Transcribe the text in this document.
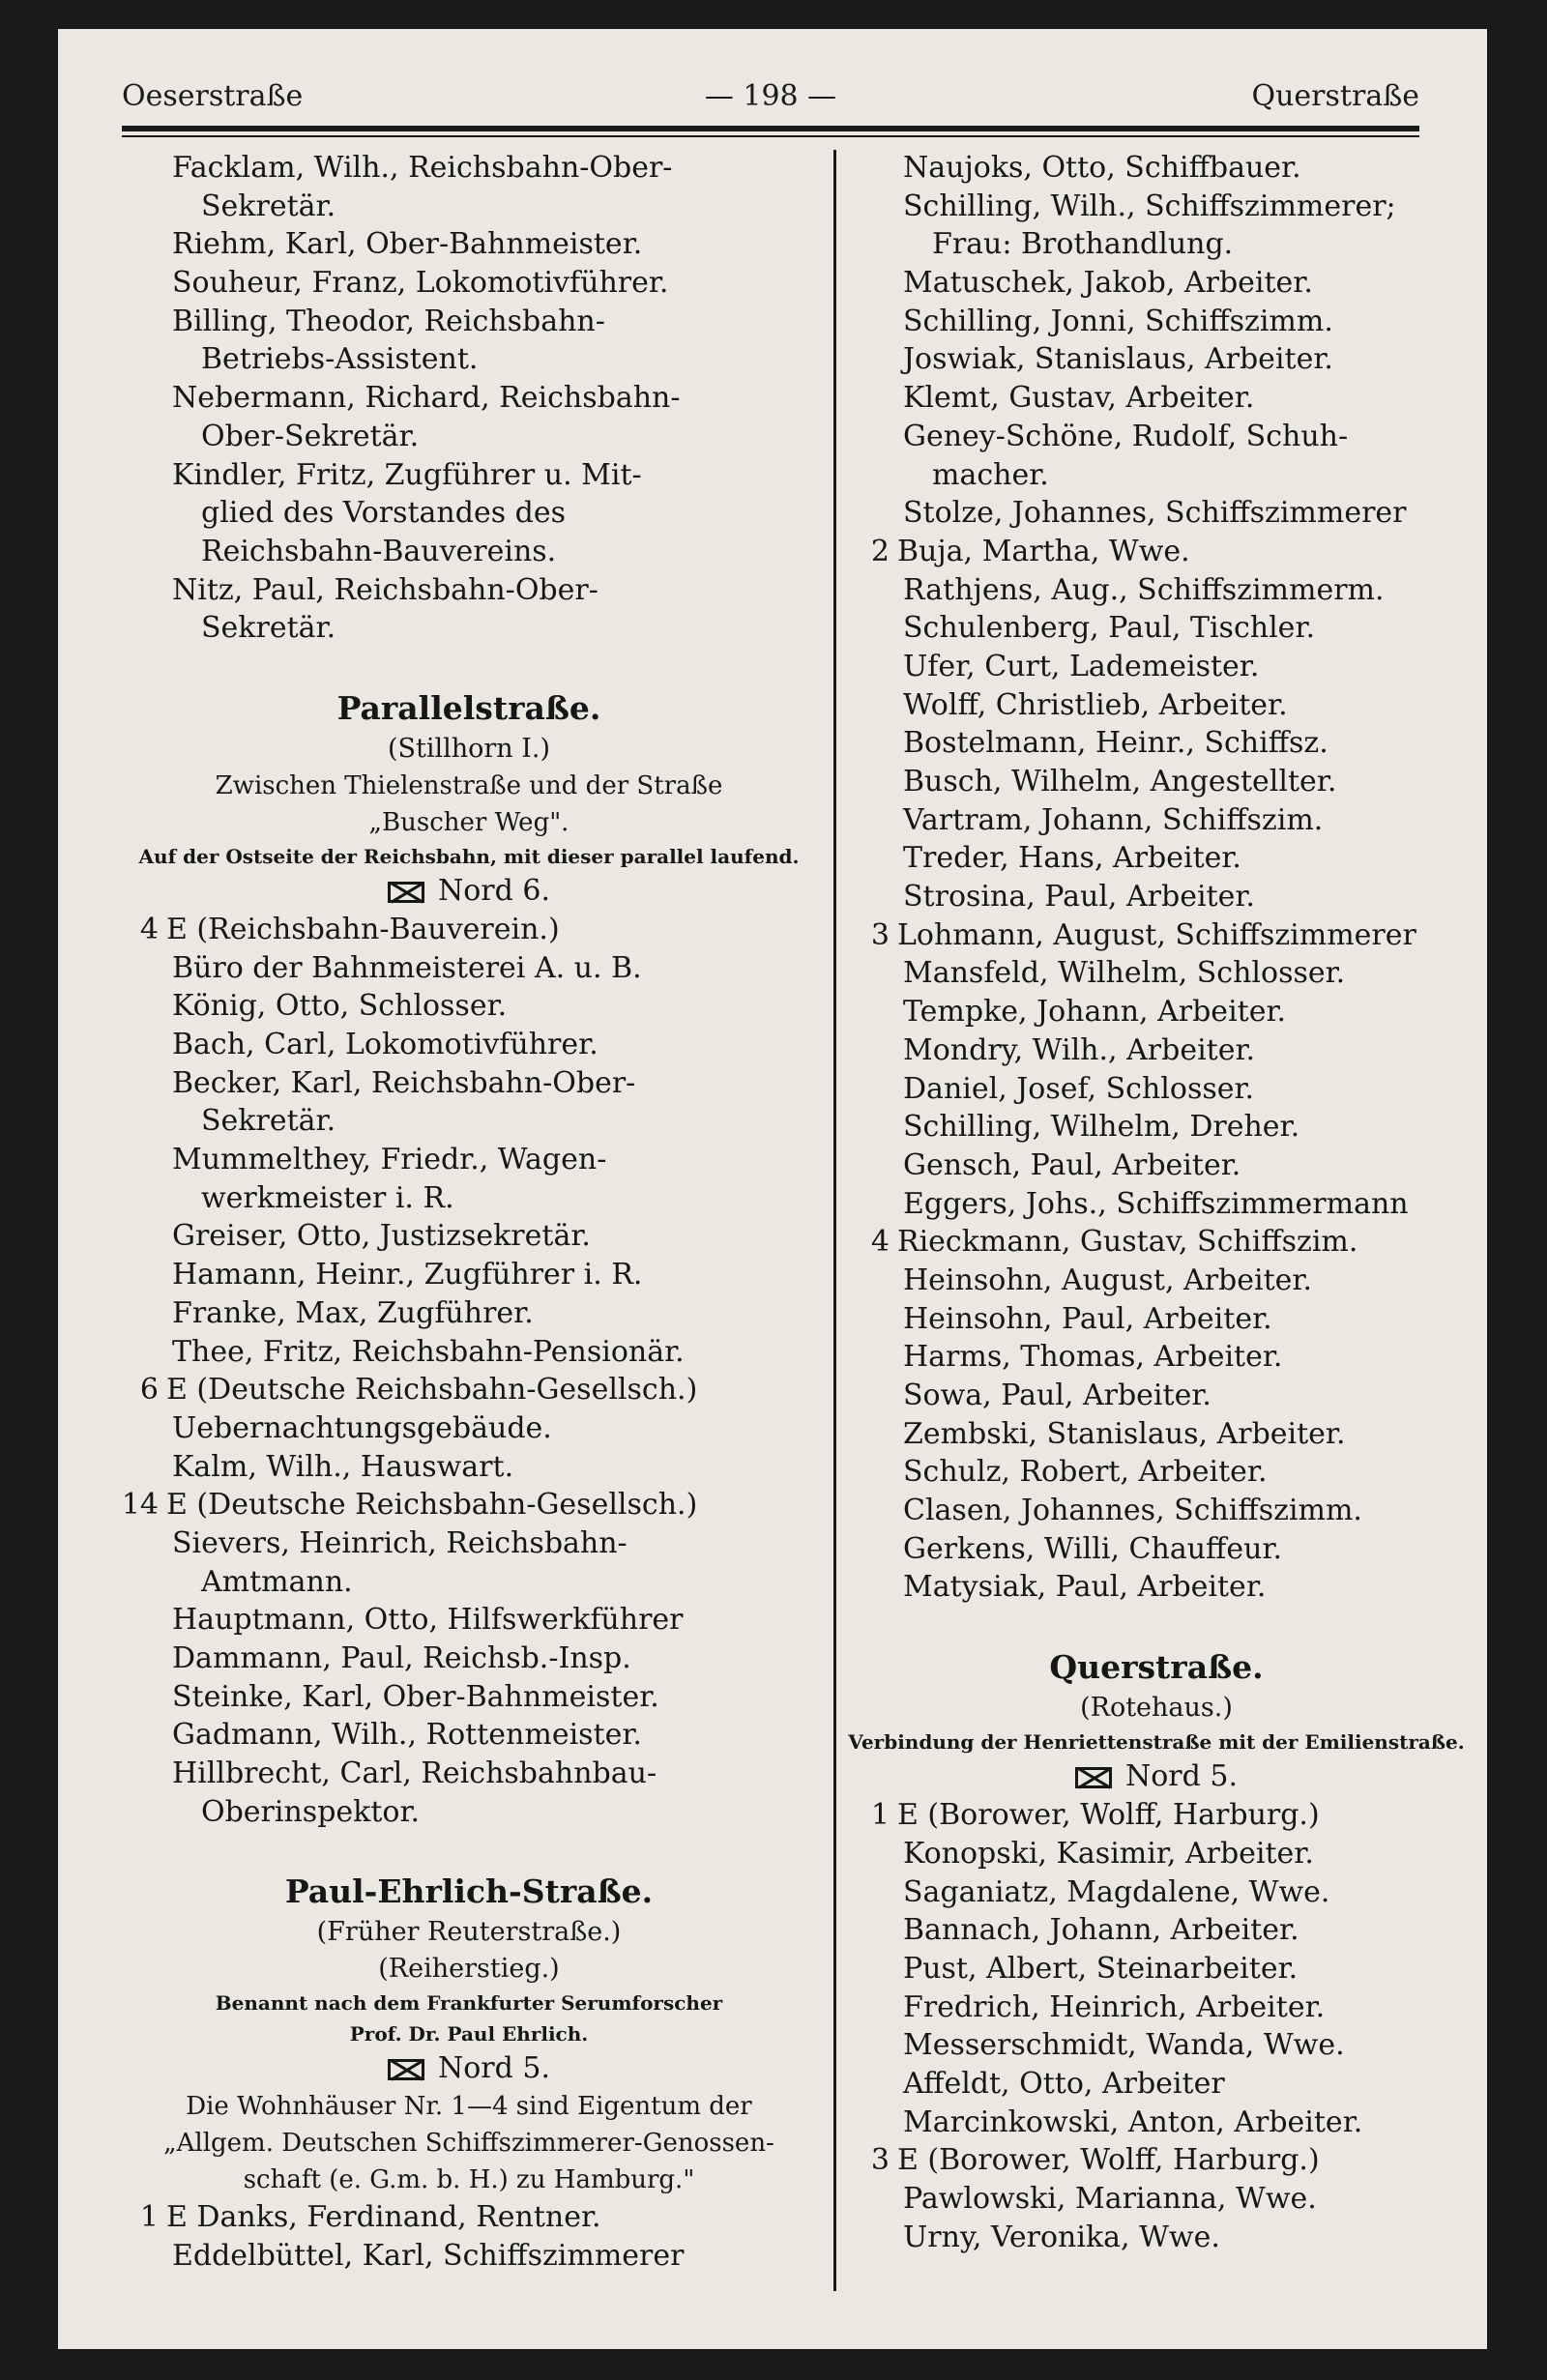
Oeserstraße	— 198 —	Querstraße
Facklam, Wilh., Reichsbahn-Ober-
Sekretär.
Riehm, Karl, Ober-Bahnmeister.
Souheur, Franz, Lokomotivführer.
Billing, Theodor, Reichsbahn-
Betriebs-Assistent.
Nebermann, Richard, Reichsbahn-
Ober-Sekretär.
Kindler, Fritz, Zugführer u. Mit-
glied des Vorstandes des
Reichsbahn-Bauvereins.
Nitz, Paul, Reichsbahn-Ober-
Sekretär.
Parallelstraße.
(Stillhorn I.)
Zwischen Thielenstraße und der Straße
„Buscher Weg".
Auf der Ostseite der Reichsbahn, mit dieser parallel laufend.
Nord 6.
4 E (Reichsbahn-Bauverein.)
Büro der Bahnmeisterei A. u. B.
König, Otto, Schlosser.
Bach, Carl, Lokomotivführer.
Becker, Karl, Reichsbahn-Ober-
Sekretär.
Mummelthey, Friedr., Wagen-
werkmeister i. R.
Greiser, Otto, Justizsekretär.
Hamann, Heinr., Zugführer i. R.
Franke, Max, Zugführer.
Thee, Fritz, Reichsbahn-Pensionär.
6 E (Deutsche Reichsbahn-Gesellsch.)
Uebernachtungsgebäude.
Kalm, Wilh., Hauswart.
14 E (Deutsche Reichsbahn-Gesellsch.)
Sievers, Heinrich, Reichsbahn-
Amtmann.
Hauptmann, Otto, Hilfswerkführer
Dammann, Paul, Reichsb.-Insp.
Steinke, Karl, Ober-Bahnmeister.
Gadmann, Wilh., Rottenmeister.
Hillbrecht, Carl, Reichsbahnbau-
Oberinspektor.
Paul-Ehrlich-Straße.
(Früher Reuterstraße.)
(Reiherstieg.)
Benannt nach dem Frankfurter Serumforscher
Prof. Dr. Paul Ehrlich.
Nord 5.
Die Wohnhäuser Nr. 1—4 sind Eigentum der
„Allgem. Deutschen Schiffszimmerer-Genossen-
schaft (e. G.m. b. H.) zu Hamburg."
1 E Danks, Ferdinand, Rentner.
Eddelbüttel, Karl, Schiffszimmerer
Naujoks, Otto, Schiffbauer.
Schilling, Wilh., Schiffszimmerer;
Frau: Brothandlung.
Matuschek, Jakob, Arbeiter.
Schilling, Jonni, Schiffszimm.
Joswiak, Stanislaus, Arbeiter.
Klemt, Gustav, Arbeiter.
Geney-Schöne, Rudolf, Schuh-
macher.
Stolze, Johannes, Schiffszimmerer
2 Buja, Martha, Wwe.
Rathjens, Aug., Schiffszimmerm.
Schulenberg, Paul, Tischler.
Ufer, Curt, Lademeister.
Wolff, Christlieb, Arbeiter.
Bostelmann, Heinr., Schiffsz.
Busch, Wilhelm, Angestellter.
Vartram, Johann, Schiffszim.
Treder, Hans, Arbeiter.
Strosina, Paul, Arbeiter.
3 Lohmann, August, Schiffszimmerer
Mansfeld, Wilhelm, Schlosser.
Tempke, Johann, Arbeiter.
Mondry, Wilh., Arbeiter.
Daniel, Josef, Schlosser.
Schilling, Wilhelm, Dreher.
Gensch, Paul, Arbeiter.
Eggers, Johs., Schiffszimmermann
4 Rieckmann, Gustav, Schiffszim.
Heinsohn, August, Arbeiter.
Heinsohn, Paul, Arbeiter.
Harms, Thomas, Arbeiter.
Sowa, Paul, Arbeiter.
Zembski, Stanislaus, Arbeiter.
Schulz, Robert, Arbeiter.
Clasen, Johannes, Schiffszimm.
Gerkens, Willi, Chauffeur.
Matysiak, Paul, Arbeiter.
Querstraße.
(Rotehaus.)
Verbindung der Henriettenstraße mit der Emilienstraße.
Nord 5.
1 E (Borower, Wolff, Harburg.)
Konopski, Kasimir, Arbeiter.
Saganiatz, Magdalene, Wwe.
Bannach, Johann, Arbeiter.
Pust, Albert, Steinarbeiter.
Fredrich, Heinrich, Arbeiter.
Messerschmidt, Wanda, Wwe.
Affeldt, Otto, Arbeiter
Marcinkowski, Anton, Arbeiter.
3 E (Borower, Wolff, Harburg.)
Pawlowski, Marianna, Wwe.
Urny, Veronika, Wwe.
